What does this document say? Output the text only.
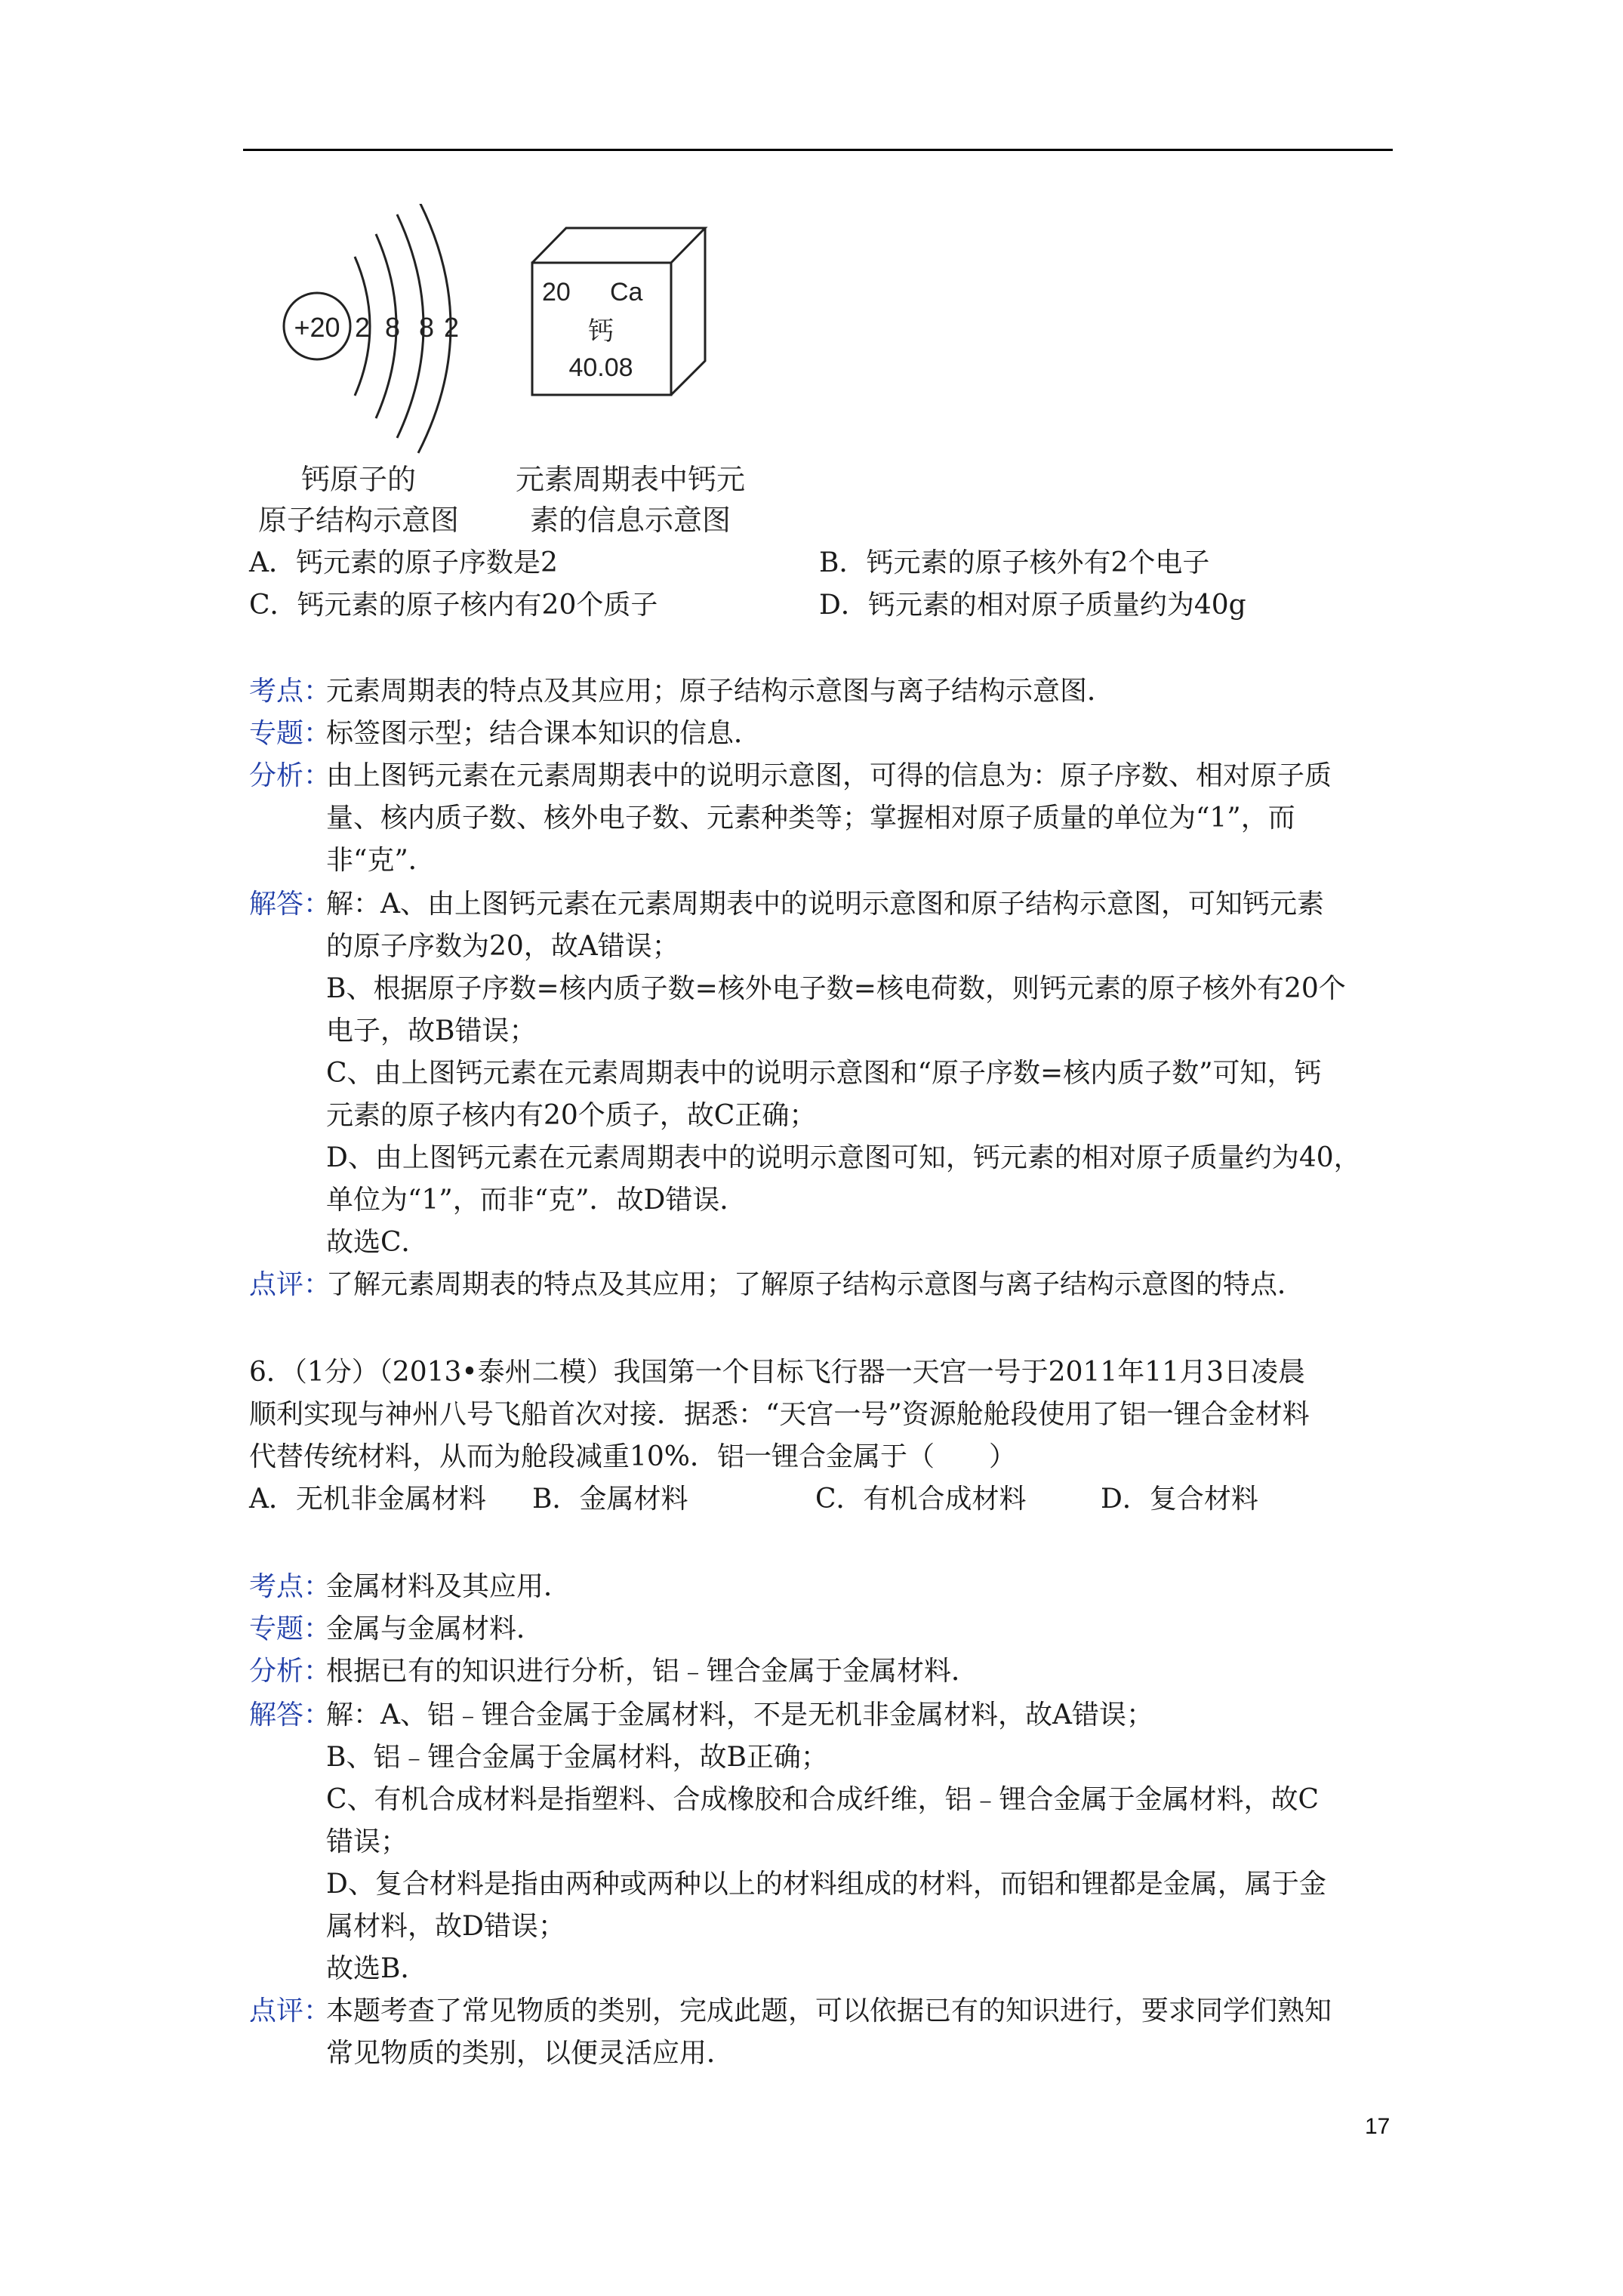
+20 2 8 8 2
钙原子的
原子结构示意图
20 Ca
钙
40.08
元素周期表中钙元
素的信息示意图
A．钙元素的原子序数是2	B．钙元素的原子核外有2个电子
C．钙元素的原子核内有20个质子	D．钙元素的相对原子质量约为40g
考点：
元素周期表的特点及其应用；原子结构示意图与离子结构示意图．
专题：
标签图示型；结合课本知识的信息．
分析：
由上图钙元素在元素周期表中的说明示意图，可得的信息为：原子序数、相对原子质
量、核内质子数、核外电子数、元素种类等；掌握相对原子质量的单位为“1”，而
非“克”．
解答：
解：A、由上图钙元素在元素周期表中的说明示意图和原子结构示意图，可知钙元素
的原子序数为20，故A错误；
B、根据原子序数=核内质子数=核外电子数=核电荷数，则钙元素的原子核外有20个
电子，故B错误；
C、由上图钙元素在元素周期表中的说明示意图和“原子序数=核内质子数”可知，钙
元素的原子核内有20个质子，故C正确；
D、由上图钙元素在元素周期表中的说明示意图可知，钙元素的相对原子质量约为40，
单位为“1”，而非“克”．故D错误．
故选C．
点评：
了解元素周期表的特点及其应用；了解原子结构示意图与离子结构示意图的特点．
6．（1分）（2013•泰州二模）我国第一个目标飞行器一天宫一号于2011年11月3日凌晨
顺利实现与神州八号飞船首次对接．据悉：“天宫一号”资源舱舱段使用了铝一锂合金材料
代替传统材料，从而为舱段减重10%．铝一锂合金属于（　　）
A．无机非金属材料 B．金属材料	C．有机合成材料	D．复合材料
考点：
金属材料及其应用．
专题：
金属与金属材料．
分析：
根据已有的知识进行分析，铝﹣锂合金属于金属材料．
解答：
解：A、铝﹣锂合金属于金属材料，不是无机非金属材料，故A错误；
B、铝﹣锂合金属于金属材料，故B正确；
C、有机合成材料是指塑料、合成橡胶和合成纤维，铝﹣锂合金属于金属材料，故C
错误；
D、复合材料是指由两种或两种以上的材料组成的材料，而铝和锂都是金属，属于金
属材料，故D错误；
故选B．
点评：
本题考查了常见物质的类别，完成此题，可以依据已有的知识进行，要求同学们熟知
常见物质的类别，以便灵活应用．
17
